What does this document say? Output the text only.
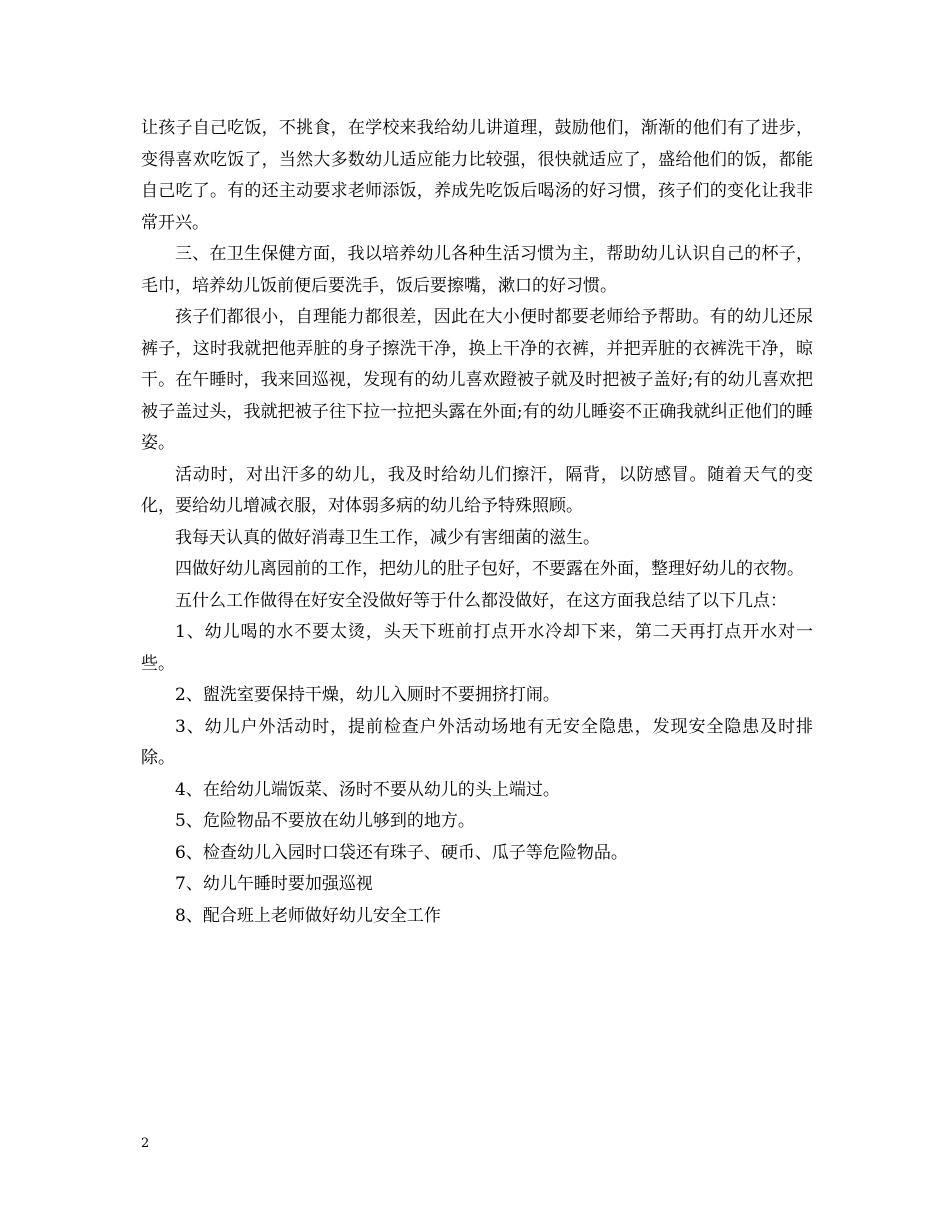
让孩子自己吃饭，不挑食，在学校来我给幼儿讲道理，鼓励他们，渐渐的他们有了进步，变得喜欢吃饭了，当然大多数幼儿适应能力比较强，很快就适应了，盛给他们的饭，都能自己吃了。有的还主动要求老师添饭，养成先吃饭后喝汤的好习惯，孩子们的变化让我非常开兴。

三、在卫生保健方面，我以培养幼儿各种生活习惯为主，帮助幼儿认识自己的杯子，毛巾，培养幼儿饭前便后要洗手，饭后要擦嘴，漱口的好习惯。

孩子们都很小，自理能力都很差，因此在大小便时都要老师给予帮助。有的幼儿还尿裤子，这时我就把他弄脏的身子擦洗干净，换上干净的衣裤，并把弄脏的衣裤洗干净，晾干。在午睡时，我来回巡视，发现有的幼儿喜欢蹬被子就及时把被子盖好;有的幼儿喜欢把被子盖过头，我就把被子往下拉一拉把头露在外面;有的幼儿睡姿不正确我就纠正他们的睡姿。

活动时，对出汗多的幼儿，我及时给幼儿们擦汗，隔背，以防感冒。随着天气的变化，要给幼儿增减衣服，对体弱多病的幼儿给予特殊照顾。

我每天认真的做好消毒卫生工作，减少有害细菌的滋生。

四做好幼儿离园前的工作，把幼儿的肚子包好，不要露在外面，整理好幼儿的衣物。

五什么工作做得在好安全没做好等于什么都没做好，在这方面我总结了以下几点：

1、幼儿喝的水不要太烫，头天下班前打点开水冷却下来，第二天再打点开水对一些。

2、盥洗室要保持干燥，幼儿入厕时不要拥挤打闹。

3、幼儿户外活动时，提前检查户外活动场地有无安全隐患，发现安全隐患及时排除。

4、在给幼儿端饭菜、汤时不要从幼儿的头上端过。

5、危险物品不要放在幼儿够到的地方。

6、检查幼儿入园时口袋还有珠子、硬币、瓜子等危险物品。

7、幼儿午睡时要加强巡视

8、配合班上老师做好幼儿安全工作

2
